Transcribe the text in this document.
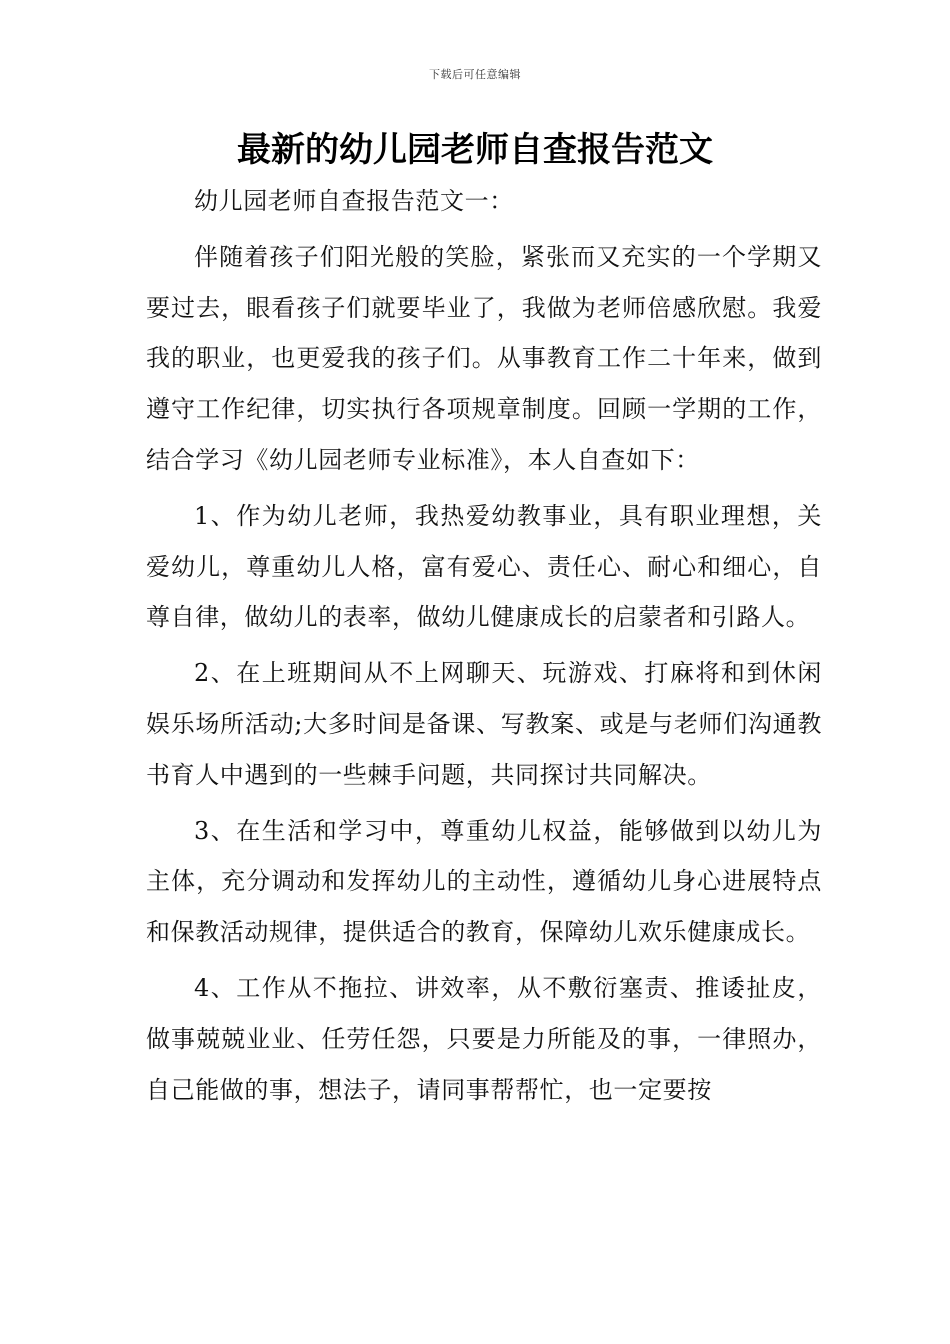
下载后可任意编辑
最新的幼儿园老师自查报告范文

幼儿园老师自查报告范文一：

伴随着孩子们阳光般的笑脸，紧张而又充实的一个学期又要过去，眼看孩子们就要毕业了，我做为老师倍感欣慰。我爱我的职业，也更爱我的孩子们。从事教育工作二十年来，做到遵守工作纪律，切实执行各项规章制度。回顾一学期的工作，结合学习《幼儿园老师专业标准》，本人自查如下：

1、作为幼儿老师，我热爱幼教事业，具有职业理想，关爱幼儿，尊重幼儿人格，富有爱心、责任心、耐心和细心，自尊自律，做幼儿的表率，做幼儿健康成长的启蒙者和引路人。

2、在上班期间从不上网聊天、玩游戏、打麻将和到休闲娱乐场所活动;大多时间是备课、写教案、或是与老师们沟通教书育人中遇到的一些棘手问题，共同探讨共同解决。

3、在生活和学习中，尊重幼儿权益，能够做到以幼儿为主体，充分调动和发挥幼儿的主动性，遵循幼儿身心进展特点和保教活动规律，提供适合的教育，保障幼儿欢乐健康成长。

4、工作从不拖拉、讲效率，从不敷衍塞责、推诿扯皮，做事兢兢业业、任劳任怨，只要是力所能及的事，一律照办，自己能做的事，想法子，请同事帮帮忙，也一定要按
